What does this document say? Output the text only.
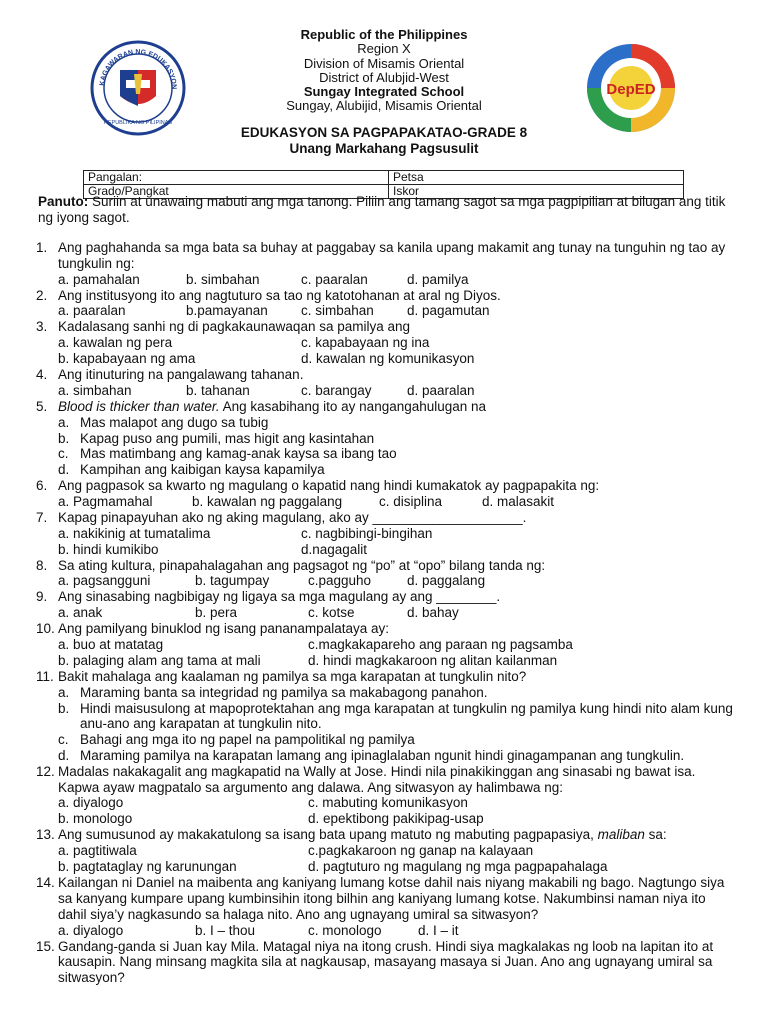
KAGAWARAN NG EDUKASYON
REPUBLIKA NG PILIPINAS
DepED
Republic of the Philippines
Region X
Division of Misamis Oriental
District of Alubjid-West
Sungay Integrated School
Sungay, Alubijid, Misamis Oriental
EDUKASYON SA PAGPAPAKATAO-GRADE 8
Unang Markahang Pagsusulit
Pangalan:	Petsa
Grado/Pangkat	Iskor
Panuto: Suriin at unawaing mabuti ang mga tanong. Piliin ang tamang sagot sa mga pagpipilian at bilugan ang titik ng iyong sagot.
1. Ang paghahanda sa mga bata sa buhay at paggabay sa kanila upang makamit ang tunay na tunguhin ng tao ay tungkulin ng:
a. pamahalan	b. simbahan	c. paaralan	d. pamilya
2. Ang institusyong ito ang nagtuturo sa tao ng katotohanan at aral ng Diyos.
a. paaralan	b.pamayanan c. simbahan d. pagamutan
3. Kadalasang sanhi ng di pagkakaunawaqan sa pamilya ang
a. kawalan ng pera	c. kapabayaan ng ina
b. kapabayaan ng ama	d. kawalan ng komunikasyon
4. Ang itinuturing na pangalawang tahanan.
a. simbahan	b. tahanan	c. barangay	d. paaralan
5. Blood is thicker than water. Ang kasabihang ito ay nangangahulugan na
a. Mas malapot ang dugo sa tubig
b. Kapag puso ang pumili, mas higit ang kasintahan
c. Mas matimbang ang kamag-anak kaysa sa ibang tao
d. Kampihan ang kaibigan kaysa kapamilya
6. Ang pagpasok sa kwarto ng magulang o kapatid nang hindi kumakatok ay pagpapakita ng:
a. Pagmamahal	b. kawalan ng paggalang	c. disiplina	d. malasakit
7. Kapag pinapayuhan ako ng aking magulang, ako ay ____________________.
a. nakikinig at tumatalima	c. nagbibingi-bingihan
b. hindi kumikibo	d.nagagalit
8. Sa ating kultura, pinapahalagahan ang pagsagot ng “po” at “opo” bilang tanda ng:
a. pagsangguni	b. tagumpay	c.pagguho	d. paggalang
9. Ang sinasabing nagbibigay ng ligaya sa mga magulang ay ang ________.
a. anak	b. pera	c. kotse	d. bahay
10. Ang pamilyang binuklod ng isang pananampalataya ay:
a. buo at matatag	c.magkakapareho ang paraan ng pagsamba
b. palaging alam ang tama at mali	d. hindi magkakaroon ng alitan kailanman
11. Bakit mahalaga ang kaalaman ng pamilya sa mga karapatan at tungkulin nito?
a. Maraming banta sa integridad ng pamilya sa makabagong panahon.
b. Hindi maisusulong at mapoprotektahan ang mga karapatan at tungkulin ng pamilya kung hindi nito alam kung anu-ano ang karapatan at tungkulin nito.
c. Bahagi ang mga ito ng papel na pampolitikal ng pamilya
d. Maraming pamilya na karapatan lamang ang ipinaglalaban ngunit hindi ginagampanan ang tungkulin.
12. Madalas nakakagalit ang magkapatid na Wally at Jose. Hindi nila pinakikinggan ang sinasabi ng bawat isa. Kapwa ayaw magpatalo sa argumento ang dalawa. Ang sitwasyon ay halimbawa ng:
a. diyalogo	c. mabuting komunikasyon
b. monologo	d. epektibong pakikipag-usap
13. Ang sumusunod ay makakatulong sa isang bata upang matuto ng mabuting pagpapasiya, maliban sa:
a. pagtitiwala	c.pagkakaroon ng ganap na kalayaan
b. pagtataglay ng karunungan	d. pagtuturo ng magulang ng mga pagpapahalaga
14. Kailangan ni Daniel na maibenta ang kaniyang lumang kotse dahil nais niyang makabili ng bago. Nagtungo siya sa kanyang kumpare upang kumbinsihin itong bilhin ang kaniyang lumang kotse. Nakumbinsi naman niya ito dahil siya’y nagkasundo sa halaga nito. Ano ang ugnayang umiral sa sitwasyon?
a. diyalogo	b. I – thou	c. monologo	d. I – it
15. Gandang-ganda si Juan kay Mila. Matagal niya na itong crush. Hindi siya magkalakas ng loob na lapitan ito at kausapin. Nang minsang magkita sila at nagkausap, masayang masaya si Juan. Ano ang ugnayang umiral sa sitwasyon?
